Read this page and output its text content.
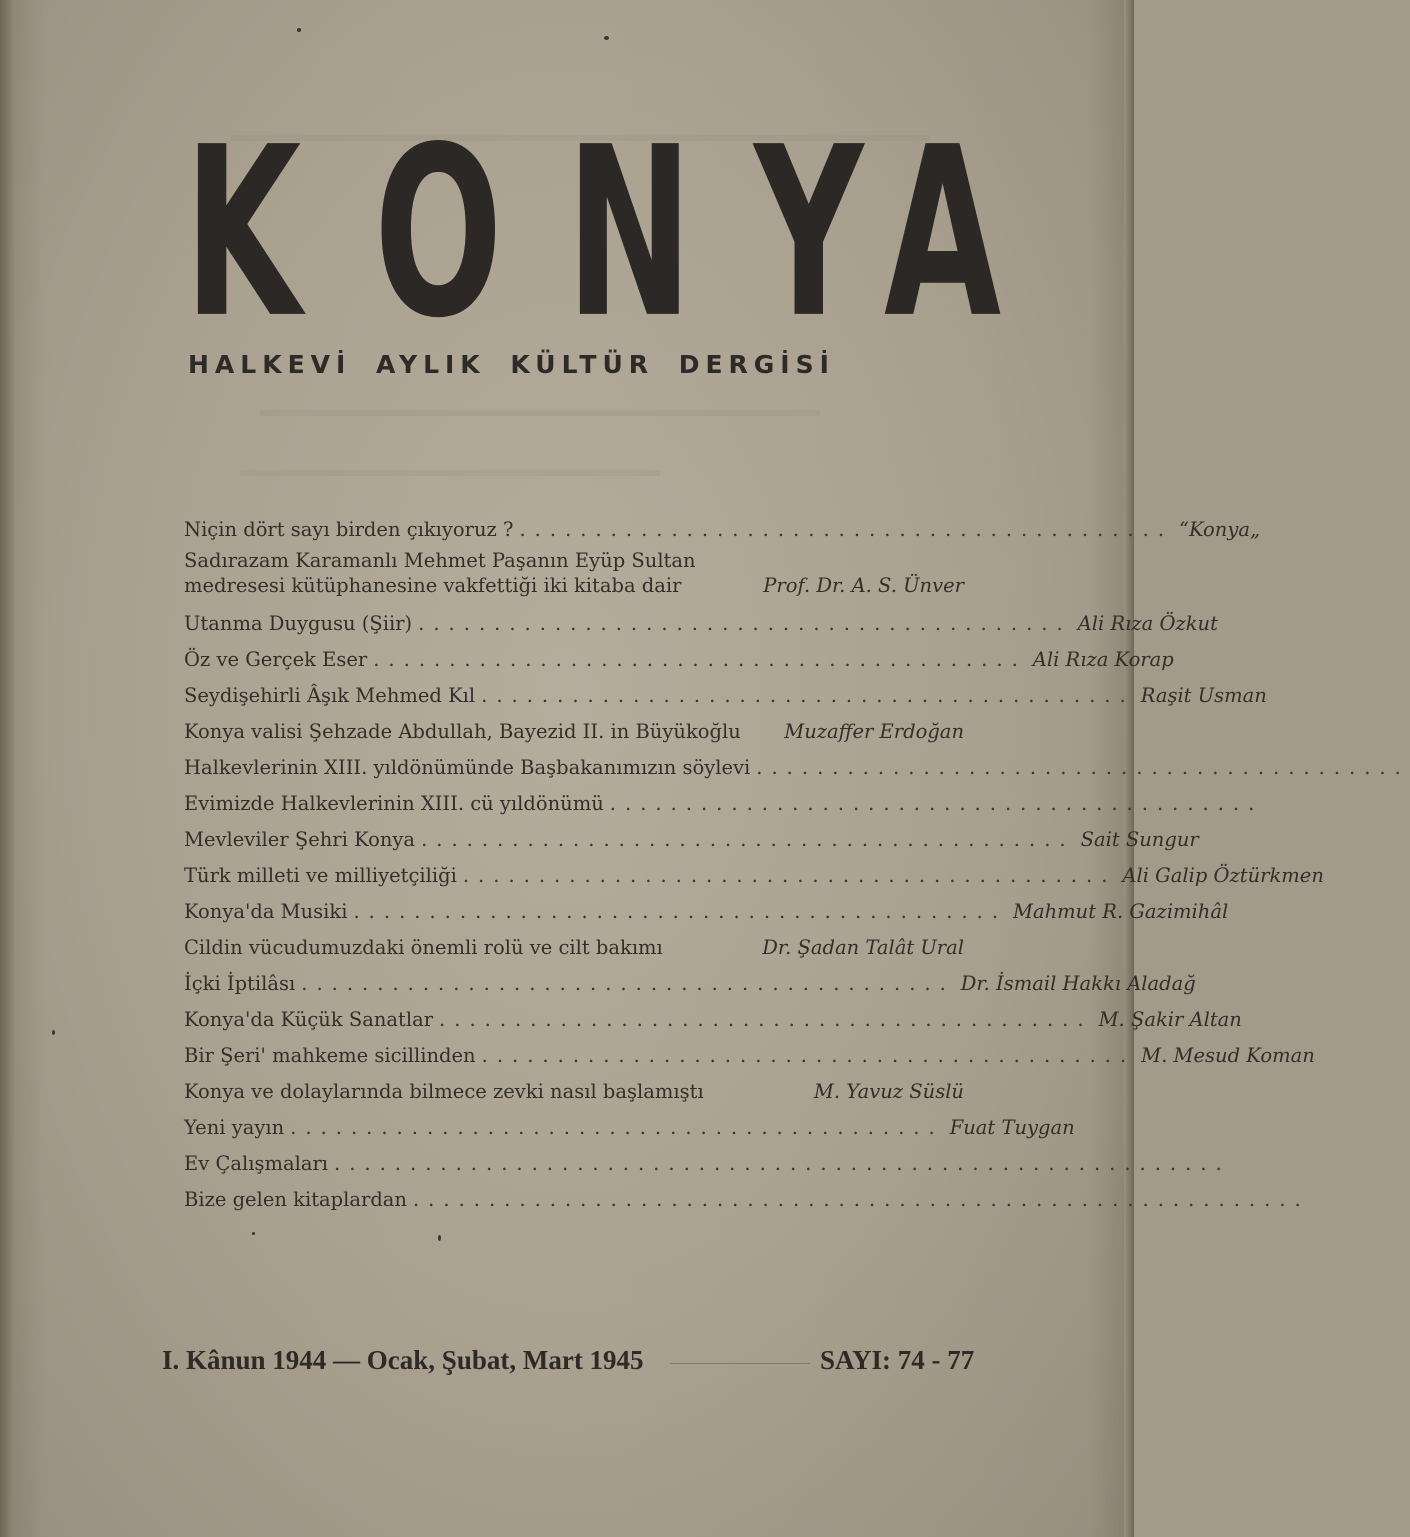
K O N Y A
HALKEVİ AYLIK KÜLTÜR DERGİSİ
Niçin dört sayı birden çıkıyoruz ? ........................................... “Konya„
Sadırazam Karamanlı Mehmet Paşanın Eyüp Sultan
medresesi kütüphanesine vakfettiği iki kitaba dair	Prof. Dr. A. S. Ünver
Utanma Duygusu (Şiir) ........................................... Ali Rıza Özkut
Öz ve Gerçek Eser ........................................... Ali Rıza Korap
Seydişehirli Âşık Mehmed Kıl ........................................... Raşit Usman
Konya valisi Şehzade Abdullah, Bayezid II. in Büyükoğlu Muzaffer Erdoğan
Halkevlerinin XIII. yıldönümünde Başbakanımızın söylevi ...........................................
Evimizde Halkevlerinin XIII. cü yıldönümü ...........................................
Mevleviler Şehri Konya ........................................... Sait Sungur
Türk milleti ve milliyetçiliği ........................................... Ali Galip Öztürkmen
Konya'da Musiki ........................................... Mahmut R. Gazimihâl
Cildin vücudumuzdaki önemli rolü ve cilt bakımı	Dr. Şadan Talât Ural
İçki İptilâsı ........................................... Dr. İsmail Hakkı Aladağ
Konya'da Küçük Sanatlar ........................................... M. Şakir Altan
Bir Şeri' mahkeme sicillinden ........................................... M. Mesud Koman
Konya ve dolaylarında bilmece zevki nasıl başlamıştı	M. Yavuz Süslü
Yeni yayın ........................................... Fuat Tuygan
Ev Çalışmaları ...........................................................
Bize gelen kitaplardan ...........................................................
I. Kânun 1944 — Ocak, Şubat, Mart 1945	SAYI: 74 - 77
